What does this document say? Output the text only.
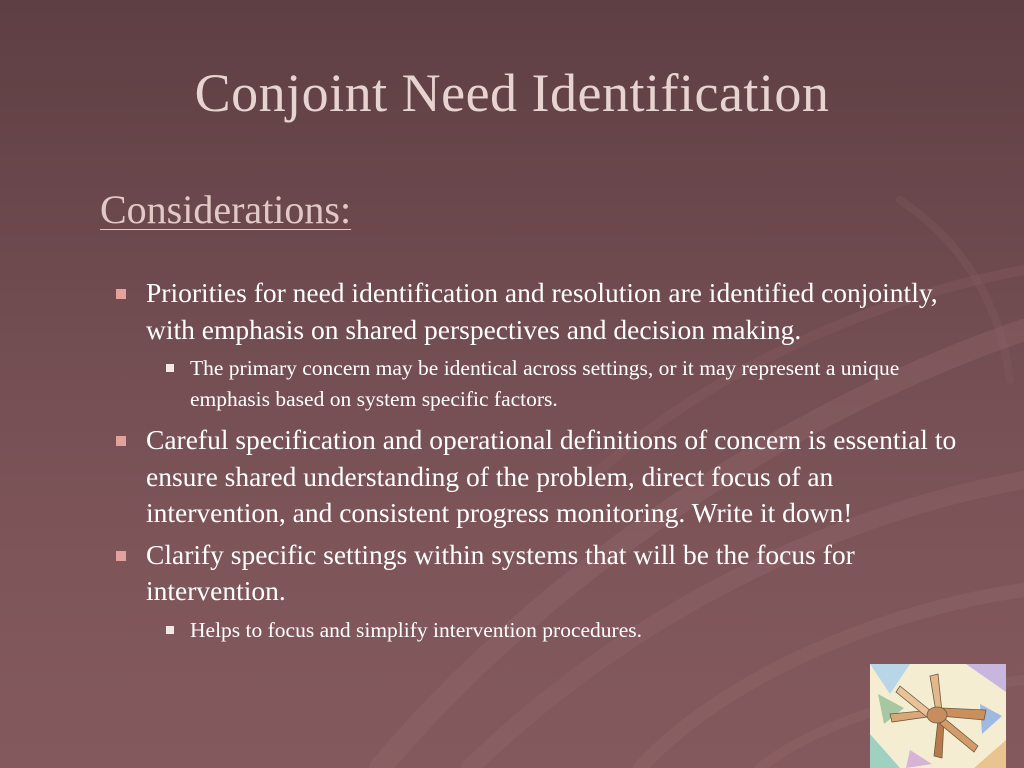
Conjoint Need Identification
Considerations:
Priorities for need identification and resolution are identified conjointly, with emphasis on shared perspectives and decision making.
The primary concern may be identical across settings, or it may represent a unique emphasis based on system specific factors.
Careful specification and operational definitions of concern is essential to ensure shared understanding of the problem, direct focus of an intervention, and consistent progress monitoring. Write it down!
Clarify specific settings within systems that will be the focus for intervention.
Helps to focus and simplify intervention procedures.
